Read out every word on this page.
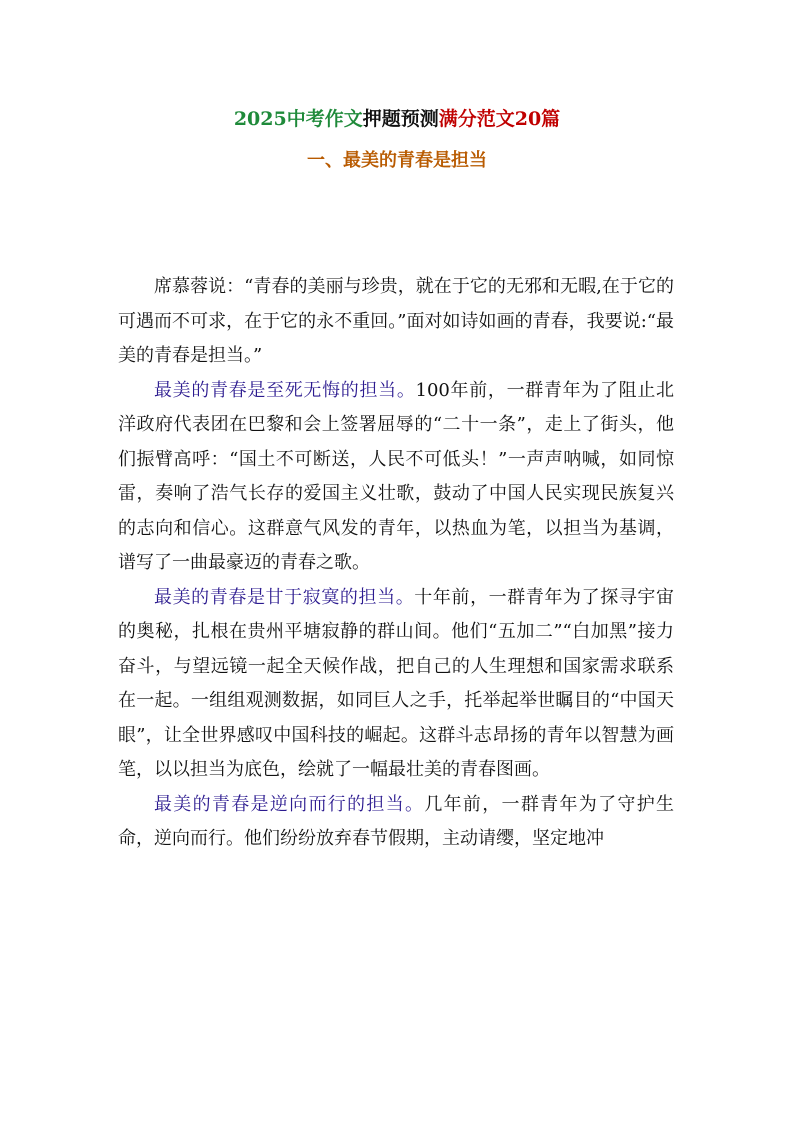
2025中考作文押题预测满分范文20篇
一、最美的青春是担当

席慕蓉说：“青春的美丽与珍贵，就在于它的无邪和无暇,在于它的可遇而不可求，在于它的永不重回。”面对如诗如画的青春，我要说:“最美的青春是担当。”

最美的青春是至死无悔的担当。100年前，一群青年为了阻止北洋政府代表团在巴黎和会上签署屈辱的“二十一条”，走上了街头，他们振臂高呼：“国土不可断送，人民不可低头！”一声声呐喊，如同惊雷，奏响了浩气长存的爱国主义壮歌，鼓动了中国人民实现民族复兴的志向和信心。这群意气风发的青年，以热血为笔，以担当为基调，谱写了一曲最豪迈的青春之歌。

最美的青春是甘于寂寞的担当。十年前，一群青年为了探寻宇宙的奥秘，扎根在贵州平塘寂静的群山间。他们“五加二”“白加黑”接力奋斗，与望远镜一起全天候作战，把自己的人生理想和国家需求联系在一起。一组组观测数据，如同巨人之手，托举起举世瞩目的“中国天眼”，让全世界感叹中国科技的崛起。这群斗志昂扬的青年以智慧为画笔，以以担当为底色，绘就了一幅最壮美的青春图画。

最美的青春是逆向而行的担当。几年前，一群青年为了守护生命，逆向而行。他们纷纷放弃春节假期，主动请缨，坚定地冲
